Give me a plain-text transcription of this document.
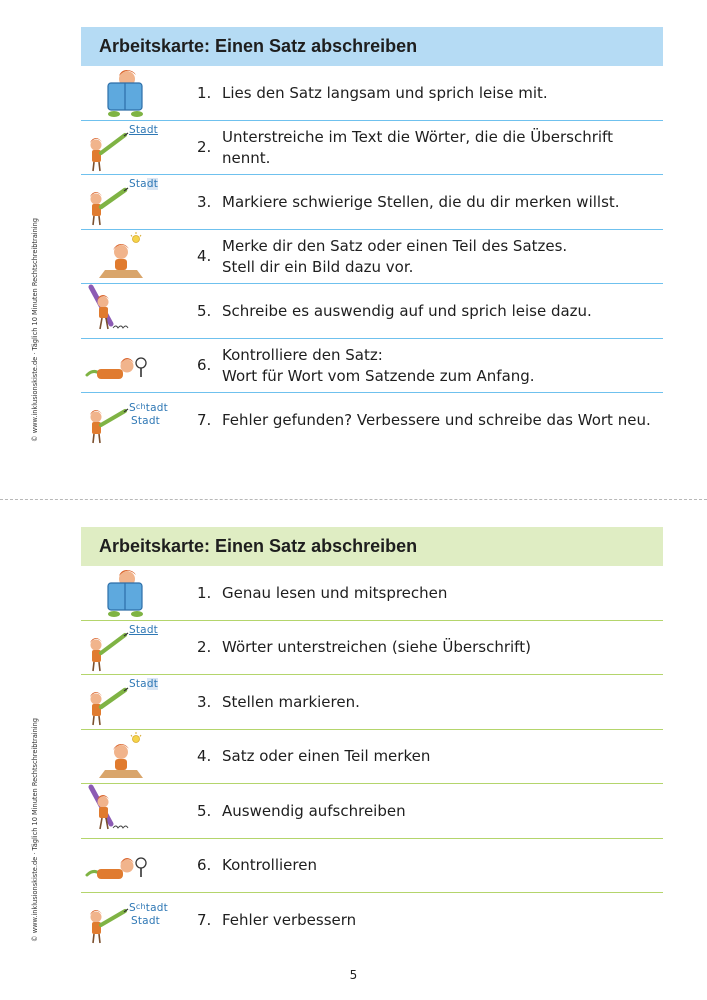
© www.inklusionskiste.de · Täglich 10 Minuten Rechtschreibtraining
© www.inklusionskiste.de · Täglich 10 Minuten Rechtschreibtraining
Arbeitskarte: Einen Satz abschreiben
1. Lies den Satz langsam und sprich leise mit.
Stadt
2.
Unterstreiche im Text die Wörter, die die Überschrift nennt.
Stadt
3. Markiere schwierige Stellen, die du dir merken willst.
4.
Merke dir den Satz oder einen Teil des Satzes.
Stell dir ein Bild dazu vor.
5. Schreibe es auswendig auf und sprich leise dazu.
6.
Kontrolliere den Satz:
Wort für Wort vom Satzende zum Anfang.
Schtadt
Stadt 7. Fehler gefunden? Verbessere und schreibe das Wort neu.
Arbeitskarte: Einen Satz abschreiben
1. Genau lesen und mitsprechen
Stadt
2. Wörter unterstreichen (siehe Überschrift)
Stadt
3. Stellen markieren.
4. Satz oder einen Teil merken
5. Auswendig aufschreiben
6. Kontrollieren
Schtadt
Stadt 7. Fehler verbessern
5
